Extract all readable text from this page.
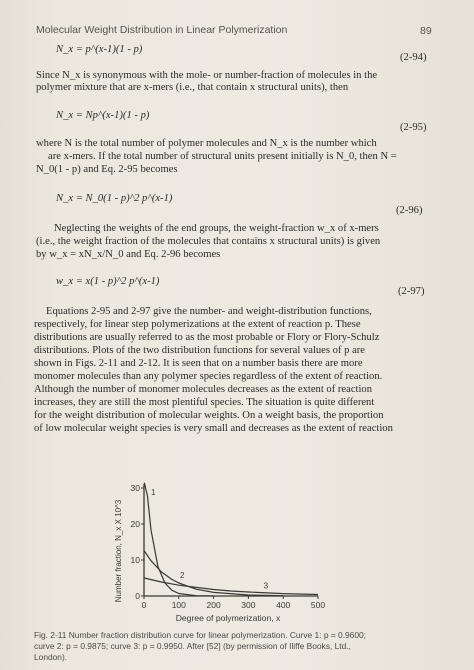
Molecular Weight Distribution in Linear Polymerization	89
N_x = p^(x-1)(1 - p)
(2-94)
Since N_x is synonymous with the mole- or number-fraction of molecules in the
polymer mixture that are x-mers (i.e., that contain x structural units), then
N_x = Np^(x-1)(1 - p)
(2-95)
where N is the total number of polymer molecules and N_x is the number which
are x-mers. If the total number of structural units present initially is N_0, then N =
N_0(1 - p) and Eq. 2-95 becomes
N_x = N_0(1 - p)^2 p^(x-1)
(2-96)
Neglecting the weights of the end groups, the weight-fraction w_x of x-mers
(i.e., the weight fraction of the molecules that contains x structural units) is given
by w_x = xN_x/N_0 and Eq. 2-96 becomes
w_x = x(1 - p)^2 p^(x-1)
(2-97)
Equations 2-95 and 2-97 give the number- and weight-distribution functions,
respectively, for linear step polymerizations at the extent of reaction p. These
distributions are usually referred to as the most probable or Flory or Flory-Schulz
distributions. Plots of the two distribution functions for several values of p are
shown in Figs. 2-11 and 2-12. It is seen that on a number basis there are more
monomer molecules than any polymer species regardless of the extent of reaction.
Although the number of monomer molecules decreases as the extent of reaction
increases, they are still the most plentiful species. The situation is quite different
for the weight distribution of molecular weights. On a weight basis, the proportion
of low molecular weight species is very small and decreases as the extent of reaction
0
10
20
30
0	100 200 300 400 500
1
2
3
Degree of polymerization, x
Number fraction, N_x X 10^3
Fig. 2-11 Number fraction distribution curve for linear polymerization. Curve 1: p = 0.9600;
curve 2: p = 0.9875; curve 3: p = 0.9950. After [52] (by permission of Iliffe Books, Ltd.,
London).
